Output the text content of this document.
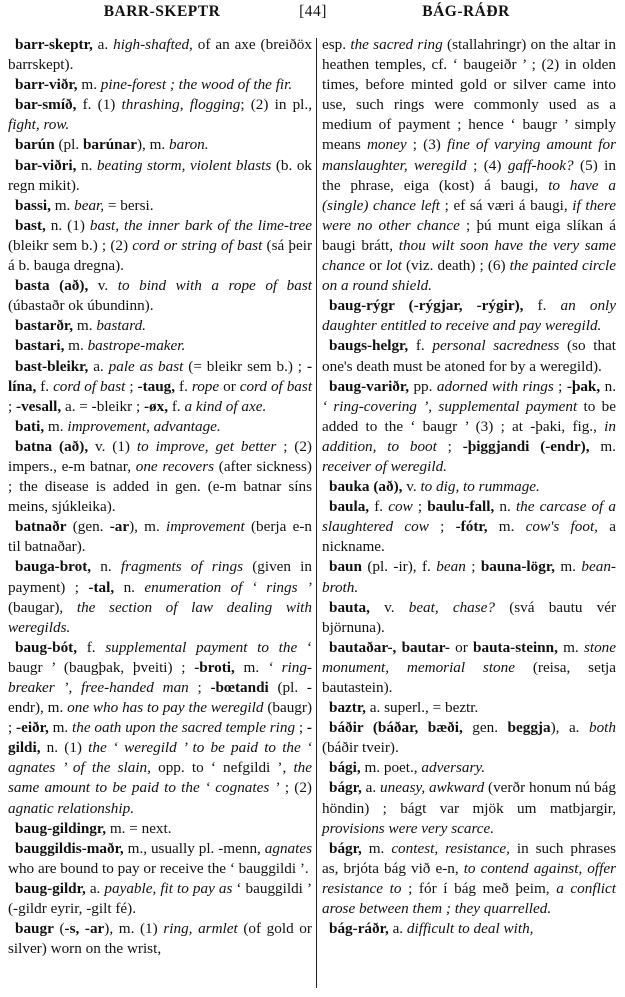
BARR-SKEPTR	[44]	BÁG-RÁÐR

barr-skeptr, a. high-shafted, of an axe (breiðöx barrskept).

barr-viðr, m. pine-forest ; the wood of the fir.

bar-smíð, f. (1) thrashing, flogging; (2) in pl., fight, row.

barún (pl. barúnar), m. baron.

bar-viðri, n. beating storm, violent blasts (b. ok regn mikit).

bassi, m. bear, = bersi.

bast, n. (1) bast, the inner bark of the lime-tree (bleikr sem b.) ; (2) cord or string of bast (sá þeir á b. bauga dregna).

basta (að), v. to bind with a rope of bast (úbastaðr ok úbundinn).

bastarðr, m. bastard.

bastari, m. bastrope-maker.

bast-bleikr, a. pale as bast (= bleikr sem b.) ; -lína, f. cord of bast ; -taug, f. rope or cord of bast ; -vesall, a. = -bleikr ; -øx, f. a kind of axe.

bati, m. improvement, advantage.

batna (að), v. (1) to improve, get better ; (2) impers., e-m batnar, one recovers (after sickness) ; the disease is added in gen. (e-m batnar síns meins, sjúkleika).

batnaðr (gen. -ar), m. improvement (berja e-n til batnaðar).

bauga-brot, n. fragments of rings (given in payment) ; -tal, n. enumeration of ‘ rings ’ (baugar), the section of law dealing with weregilds.

baug-bót, f. supplemental payment to the ‘ baugr ’ (baugþak, þveiti) ; -broti, m. ‘ ring-breaker ’, free-handed man ; -bœtandi (pl. -endr), m. one who has to pay the weregild (baugr) ; -eiðr, m. the oath upon the sacred temple ring ; -gildi, n. (1) the ‘ weregild ’ to be paid to the ‘ agnates ’ of the slain, opp. to ‘ nefgildi ’, the same amount to be paid to the ‘ cognates ’ ; (2) agnatic relationship.

baug-gildingr, m. = next.

bauggildis-maðr, m., usually pl. -menn, agnates who are bound to pay or receive the ‘ bauggildi ’.

baug-gildr, a. payable, fit to pay as ‘ bauggildi ’ (-gildr eyrir, -gilt fé).

baugr (-s, -ar), m. (1) ring, armlet (of gold or silver) worn on the wrist,

esp. the sacred ring (stallahringr) on the altar in heathen temples, cf. ‘ baugeiðr ’ ; (2) in olden times, before minted gold or silver came into use, such rings were commonly used as a medium of payment ; hence ‘ baugr ’ simply means money ; (3) fine of varying amount for manslaughter, weregild ; (4) gaff-hook? (5) in the phrase, eiga (kost) á baugi, to have a (single) chance left ; ef sá væri á baugi, if there were no other chance ; þú munt eiga slíkan á baugi brátt, thou wilt soon have the very same chance or lot (viz. death) ; (6) the painted circle on a round shield.

baug-rýgr (-rýgjar, -rýgir), f. an only daughter entitled to receive and pay weregild.

baugs-helgr, f. personal sacredness (so that one's death must be atoned for by a weregild).

baug-variðr, pp. adorned with rings ; -þak, n. ‘ ring-covering ’, supplemental payment to be added to the ‘ baugr ’ (3) ; at -þaki, fig., in addition, to boot ; -þiggjandi (-endr), m. receiver of weregild.

bauka (að), v. to dig, to rummage.

baula, f. cow ; baulu-fall, n. the carcase of a slaughtered cow ; -fótr, m. cow's foot, a nickname.

baun (pl. -ir), f. bean ; bauna-lögr, m. bean-broth.

bauta, v. beat, chase? (svá bautu vér björnuna).

bautaðar-, bautar- or bauta-steinn, m. stone monument, memorial stone (reisa, setja bautastein).

baztr, a. superl., = beztr.

báðir (báðar, bæði, gen. beggja), a. both (báðir tveir).

bági, m. poet., adversary.

bágr, a. uneasy, awkward (verðr honum nú bág höndin) ; bágt var mjök um matbjargir, provisions were very scarce.

bágr, m. contest, resistance, in such phrases as, brjóta bág við e-n, to contend against, offer resistance to ; fór í bág með þeim, a conflict arose between them ; they quarrelled.

bág-ráðr, a. difficult to deal with,
